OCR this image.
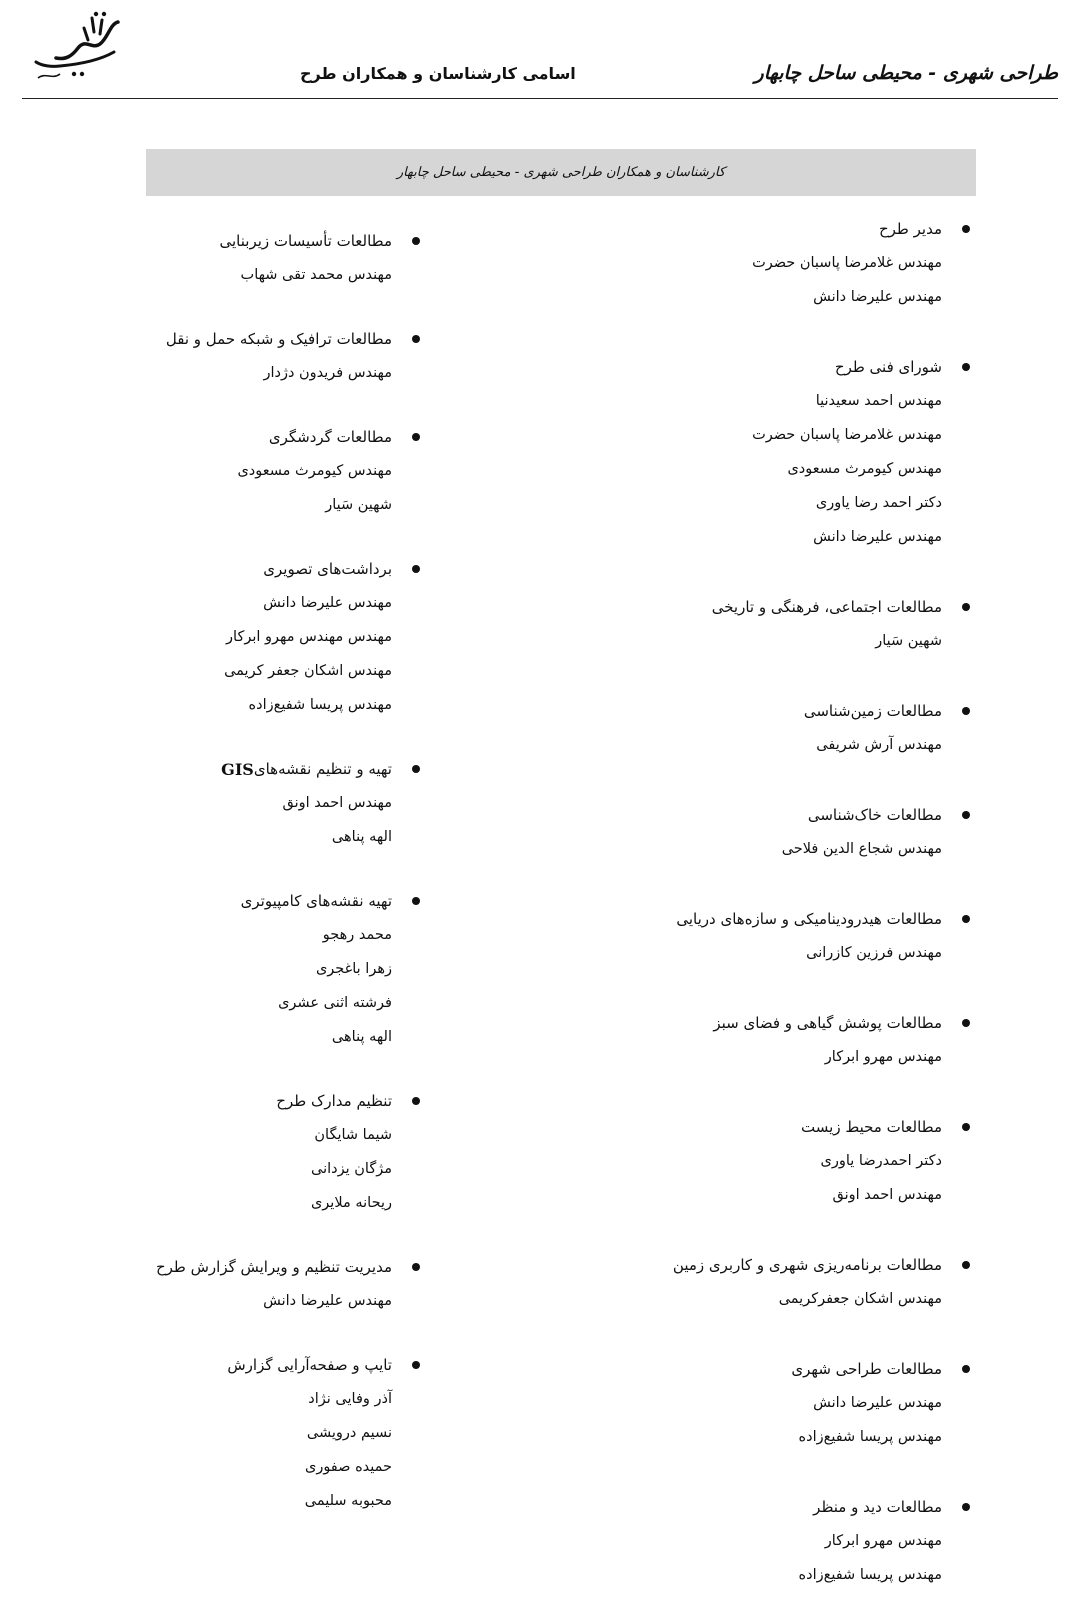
طراحی شهری - محیطی ساحل چابهار
اسامی کارشناسان و همکاران طرح
کارشناسان و همکاران طراحی شهری - محیطی ساحل چابهار
مدیر طرح
مهندس غلامرضا پاسبان حضرت
مهندس علیرضا دانش
شورای فنی طرح
مهندس احمد سعیدنیا
مهندس غلامرضا پاسبان حضرت
مهندس کیومرث مسعودی
دکتر احمد رضا یاوری
مهندس علیرضا دانش
مطالعات اجتماعی، فرهنگی و تاریخی
شهین سَیار
مطالعات زمین‌شناسی
مهندس آرش شریفی
مطالعات خاک‌شناسی
مهندس شجاع الدین فلاحی
مطالعات هیدرودینامیکی و سازه‌های دریایی
مهندس فرزین کازرانی
مطالعات پوشش گیاهی و فضای سبز
مهندس مهرو ابرکار
مطالعات محیط زیست
دکتر احمدرضا یاوری
مهندس احمد اونق
مطالعات برنامه‌ریزی شهری و کاربری زمین
مهندس اشکان جعفرکریمی
مطالعات طراحی شهری
مهندس علیرضا دانش
مهندس پریسا شفیع‌زاده
مطالعات دید و منظر
مهندس مهرو ابرکار
مهندس پریسا شفیع‌زاده
مطالعات تأسیسات زیربنایی
مهندس محمد تقی شهاب
مطالعات ترافیک و شبکه حمل و نقل
مهندس فریدون دژدار
مطالعات گردشگری
مهندس کیومرث مسعودی
شهین سَیار
برداشت‌های تصویری
مهندس علیرضا دانش
مهندس مهندس مهرو ابرکار
مهندس اشکان جعفر کریمی
مهندس پریسا شفیع‌زاده
تهیه و تنظیم نقشه‌های
GIS
مهندس احمد اونق
الهه پناهی
تهیه نقشه‌های کامپیوتری
محمد رهجو
زهرا باغجری
فرشته اثنی عشری
الهه پناهی
تنظیم مدارک طرح
شیما شایگان
مژگان یزدانی
ریحانه ملایری
مدیریت تنظیم و ویرایش گزارش طرح
مهندس علیرضا دانش
تایپ و صفحه‌آرایی گزارش
آذر وفایی نژاد
نسیم درویشی
حمیده صفوری
محبوبه سلیمی
